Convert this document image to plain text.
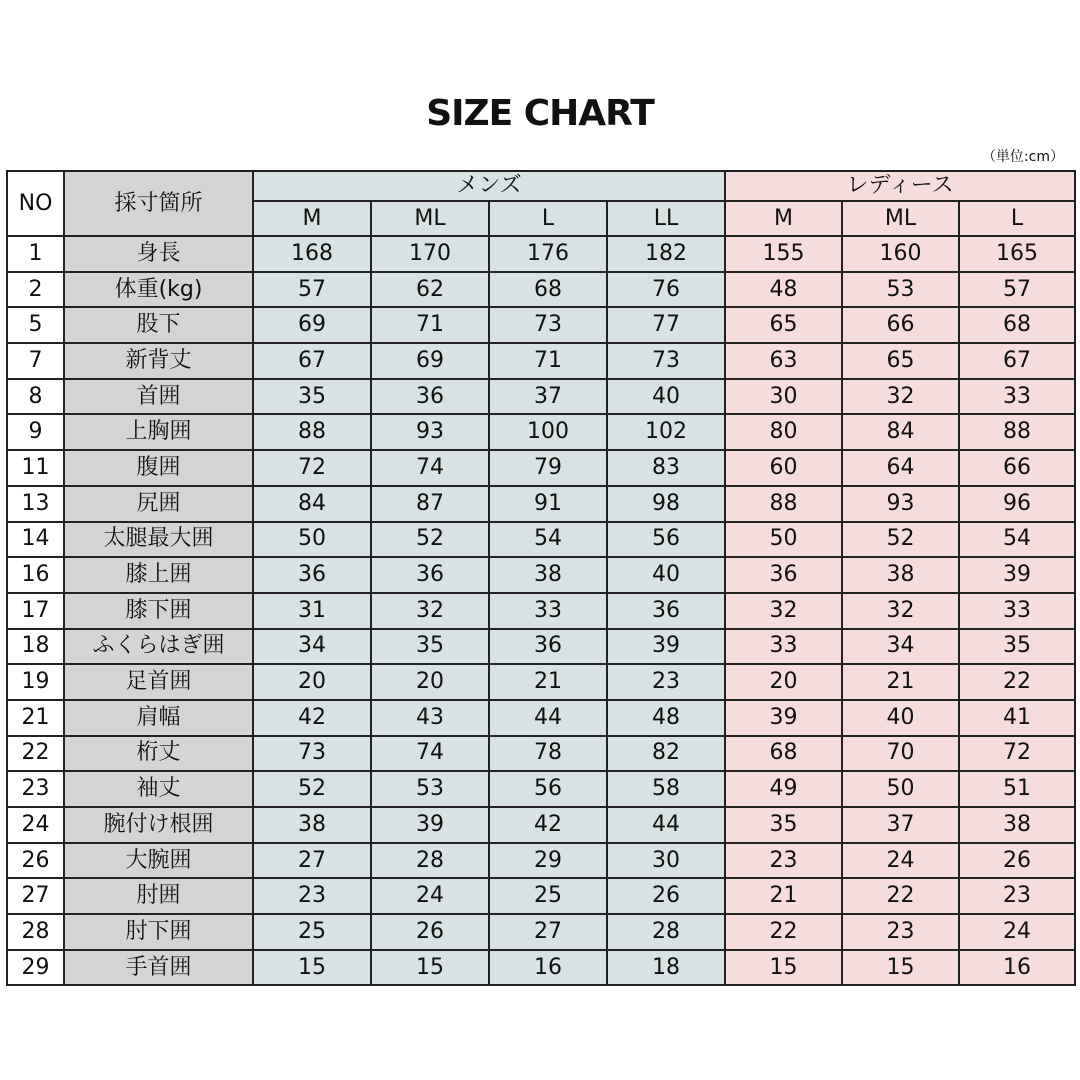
SIZE CHART
（単位:cm）
NO	採寸箇所	メンズ				レディース		
		M	ML	L	LL	M	ML	L
1	身長	168	170	176	182	155	160	165
2	体重(kg)	57	62	68	76	48	53	57
5	股下	69	71	73	77	65	66	68
7	新背丈	67	69	71	73	63	65	67
8	首囲	35	36	37	40	30	32	33
9	上胸囲	88	93	100	102	80	84	88
11	腹囲	72	74	79	83	60	64	66
13	尻囲	84	87	91	98	88	93	96
14	太腿最大囲	50	52	54	56	50	52	54
16	膝上囲	36	36	38	40	36	38	39
17	膝下囲	31	32	33	36	32	32	33
18	ふくらはぎ囲	34	35	36	39	33	34	35
19	足首囲	20	20	21	23	20	21	22
21	肩幅	42	43	44	48	39	40	41
22	桁丈	73	74	78	82	68	70	72
23	袖丈	52	53	56	58	49	50	51
24	腕付け根囲	38	39	42	44	35	37	38
26	大腕囲	27	28	29	30	23	24	26
27	肘囲	23	24	25	26	21	22	23
28	肘下囲	25	26	27	28	22	23	24
29	手首囲	15	15	16	18	15	15	16
